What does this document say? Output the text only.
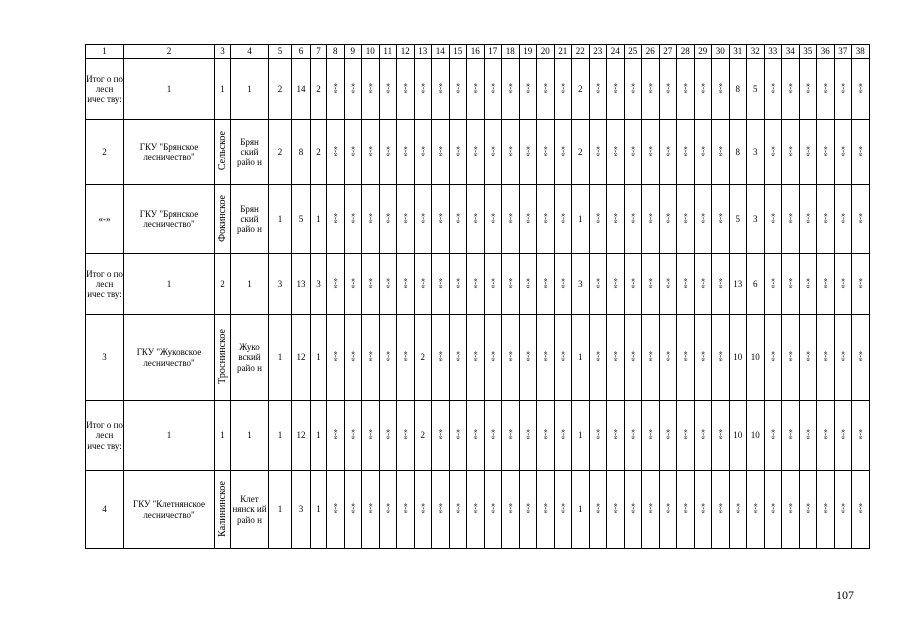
1	2	3	4	5	6	7	8	9	10	11	12	13	14	15	16	17	18	19	20	21	22	23	24	25	26	27	28	29	30	31	32	33	34	35	36	37	38
Итог о по лесн ичес тву:	1	1	1	2	14	2	«-»	«-»	«-»	«-»	«-»	«-»	«-»	«-»	«-»	«-»	«-»	«-»	«-»	«-»	2	«-»	«-»	«-»	«-»	«-»	«-»	«-»	«-»	8	5	«-»	«-»	«-»	«-»	«-»	«-»
2	ГКУ "Брянское лесничество"	Сельское	Брян ский райо н	2	8	2	«-»	«-»	«-»	«-»	«-»	«-»	«-»	«-»	«-»	«-»	«-»	«-»	«-»	«-»	2	«-»	«-»	«-»	«-»	«-»	«-»	«-»	«-»	8	3	«-»	«-»	«-»	«-»	«-»	«-»
«-»	ГКУ "Брянское лесничество"	Фокинское	Брян ский райо н	1	5	1	«-»	«-»	«-»	«-»	«-»	«-»	«-»	«-»	«-»	«-»	«-»	«-»	«-»	«-»	1	«-»	«-»	«-»	«-»	«-»	«-»	«-»	«-»	5	3	«-»	«-»	«-»	«-»	«-»	«-»
Итог о по лесн ичес тву:	1	2	1	3	13	3	«-»	«-»	«-»	«-»	«-»	«-»	«-»	«-»	«-»	«-»	«-»	«-»	«-»	«-»	3	«-»	«-»	«-»	«-»	«-»	«-»	«-»	«-»	13	6	«-»	«-»	«-»	«-»	«-»	«-»
3	ГКУ "Жуковское лесничество"	Троснинское	Жуко вский райо н	1	12	1	«-»	«-»	«-»	«-»	«-»	2	«-»	«-»	«-»	«-»	«-»	«-»	«-»	«-»	1	«-»	«-»	«-»	«-»	«-»	«-»	«-»	«-»	10	10	«-»	«-»	«-»	«-»	«-»	«-»
Итог о по лесн ичес тву:	1	1	1	1	12	1	«-»	«-»	«-»	«-»	«-»	2	«-»	«-»	«-»	«-»	«-»	«-»	«-»	«-»	1	«-»	«-»	«-»	«-»	«-»	«-»	«-»	«-»	10	10	«-»	«-»	«-»	«-»	«-»	«-»
4	ГКУ "Клетнянское лесничество"	Калининское	Клет нянск ий райо н	1	3	1	«-»	«-»	«-»	«-»	«-»	«-»	«-»	«-»	«-»	«-»	«-»	«-»	«-»	«-»	1	«-»	«-»	«-»	«-»	«-»	«-»	«-»	«-»	«-»	«-»	«-»	«-»	«-»	«-»	«-»	«-»
107
